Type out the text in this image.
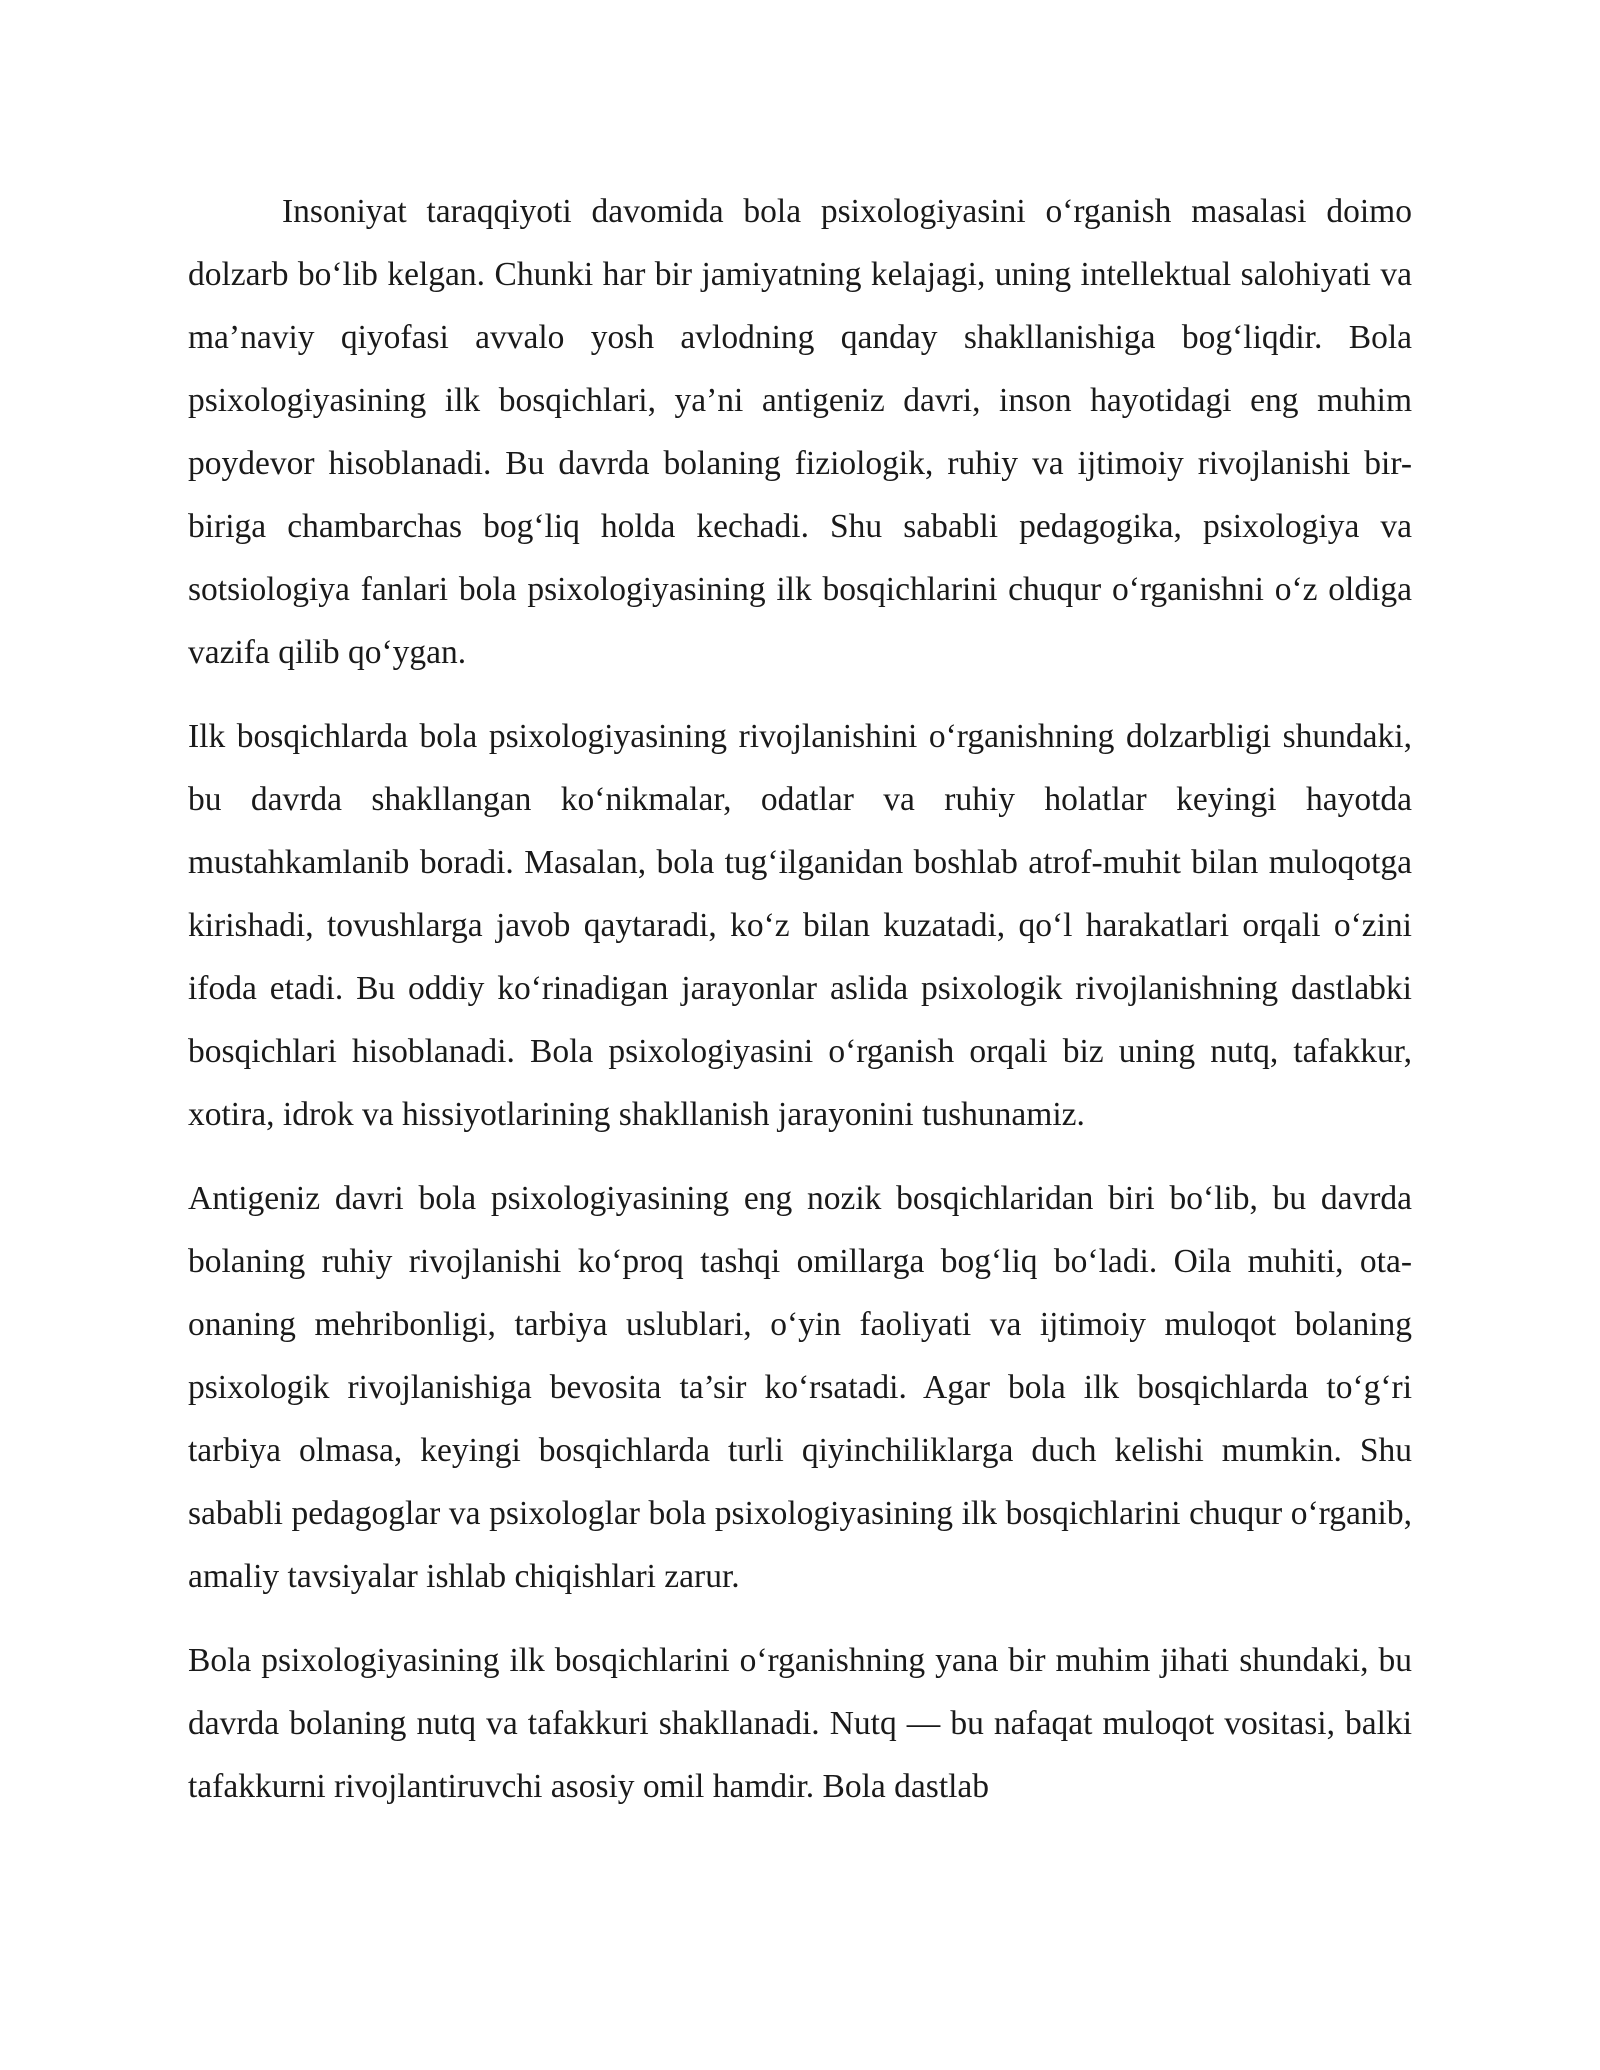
Insoniyat taraqqiyoti davomida bola psixologiyasini o‘rganish masalasi doimo dolzarb bo‘lib kelgan. Chunki har bir jamiyatning kelajagi, uning intellektual salohiyati va ma’naviy qiyofasi avvalo yosh avlodning qanday shakllanishiga bog‘liqdir. Bola psixologiyasining ilk bosqichlari, ya’ni antigeniz davri, inson hayotidagi eng muhim poydevor hisoblanadi. Bu davrda bolaning fiziologik, ruhiy va ijtimoiy rivojlanishi bir-biriga chambarchas bog‘liq holda kechadi. Shu sababli pedagogika, psixologiya va sotsiologiya fanlari bola psixologiyasining ilk bosqichlarini chuqur o‘rganishni o‘z oldiga vazifa qilib qo‘ygan.

Ilk bosqichlarda bola psixologiyasining rivojlanishini o‘rganishning dolzarbligi shundaki, bu davrda shakllangan ko‘nikmalar, odatlar va ruhiy holatlar keyingi hayotda mustahkamlanib boradi. Masalan, bola tug‘ilganidan boshlab atrof-muhit bilan muloqotga kirishadi, tovushlarga javob qaytaradi, ko‘z bilan kuzatadi, qo‘l harakatlari orqali o‘zini ifoda etadi. Bu oddiy ko‘rinadigan jarayonlar aslida psixologik rivojlanishning dastlabki bosqichlari hisoblanadi. Bola psixologiyasini o‘rganish orqali biz uning nutq, tafakkur, xotira, idrok va hissiyotlarining shakllanish jarayonini tushunamiz.

Antigeniz davri bola psixologiyasining eng nozik bosqichlaridan biri bo‘lib, bu davrda bolaning ruhiy rivojlanishi ko‘proq tashqi omillarga bog‘liq bo‘ladi. Oila muhiti, ota-onaning mehribonligi, tarbiya uslublari, o‘yin faoliyati va ijtimoiy muloqot bolaning psixologik rivojlanishiga bevosita ta’sir ko‘rsatadi. Agar bola ilk bosqichlarda to‘g‘ri tarbiya olmasa, keyingi bosqichlarda turli qiyinchiliklarga duch kelishi mumkin. Shu sababli pedagoglar va psixologlar bola psixologiyasining ilk bosqichlarini chuqur o‘rganib, amaliy tavsiyalar ishlab chiqishlari zarur.

Bola psixologiyasining ilk bosqichlarini o‘rganishning yana bir muhim jihati shundaki, bu davrda bolaning nutq va tafakkuri shakllanadi. Nutq — bu nafaqat muloqot vositasi, balki tafakkurni rivojlantiruvchi asosiy omil hamdir. Bola dastlab
